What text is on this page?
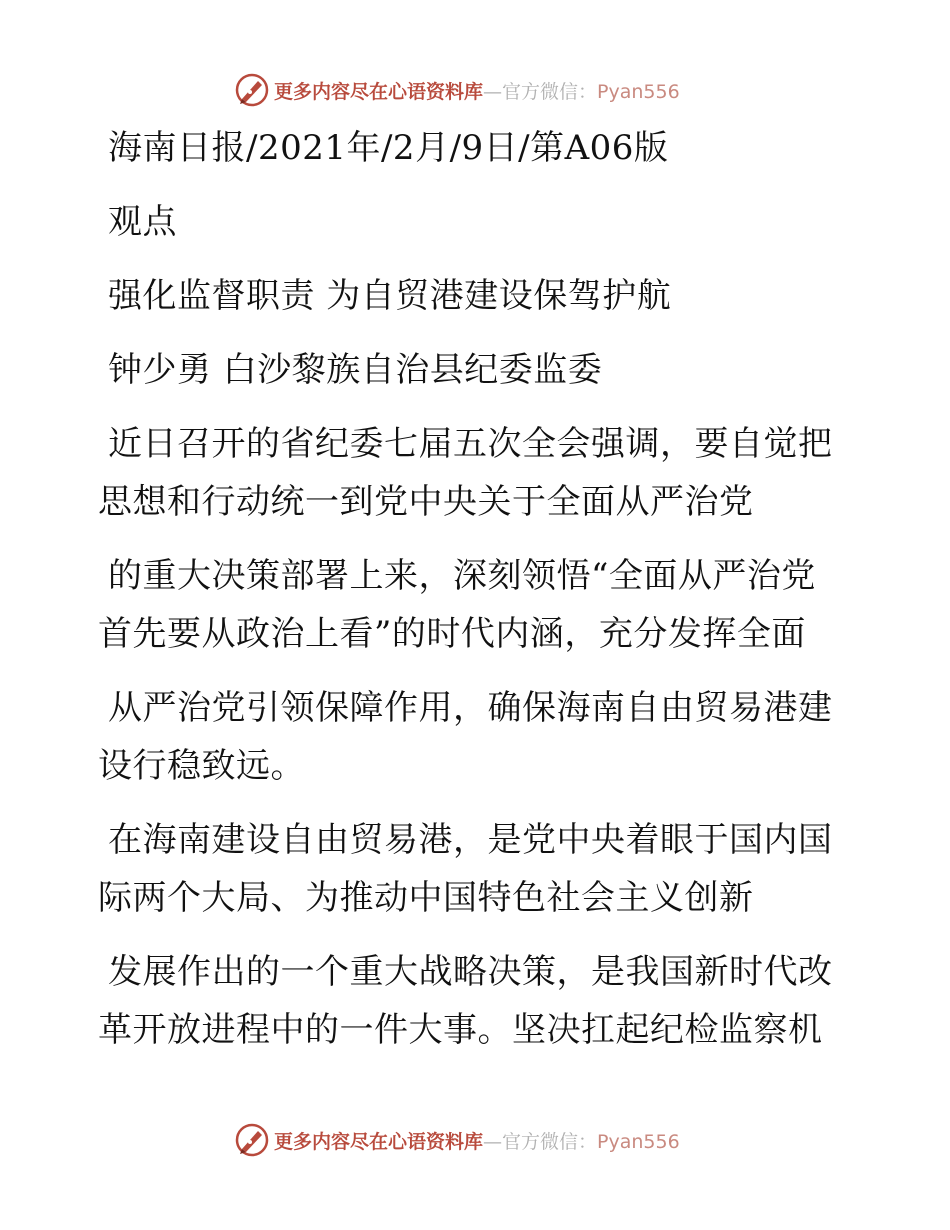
更多内容尽在心语资料库—官方微信：Pyan556
海南日报/2021年/2月/9日/第A06版
观点
强化监督职责 为自贸港建设保驾护航
钟少勇 白沙黎族自治县纪委监委
近日召开的省纪委七届五次全会强调，要自觉把
思想和行动统一到党中央关于全面从严治党
的重大决策部署上来，深刻领悟“全面从严治党
首先要从政治上看”的时代内涵，充分发挥全面
从严治党引领保障作用，确保海南自由贸易港建
设行稳致远。
在海南建设自由贸易港，是党中央着眼于国内国
际两个大局、为推动中国特色社会主义创新
发展作出的一个重大战略决策，是我国新时代改
革开放进程中的一件大事。坚决扛起纪检监察机
更多内容尽在心语资料库—官方微信：Pyan556
